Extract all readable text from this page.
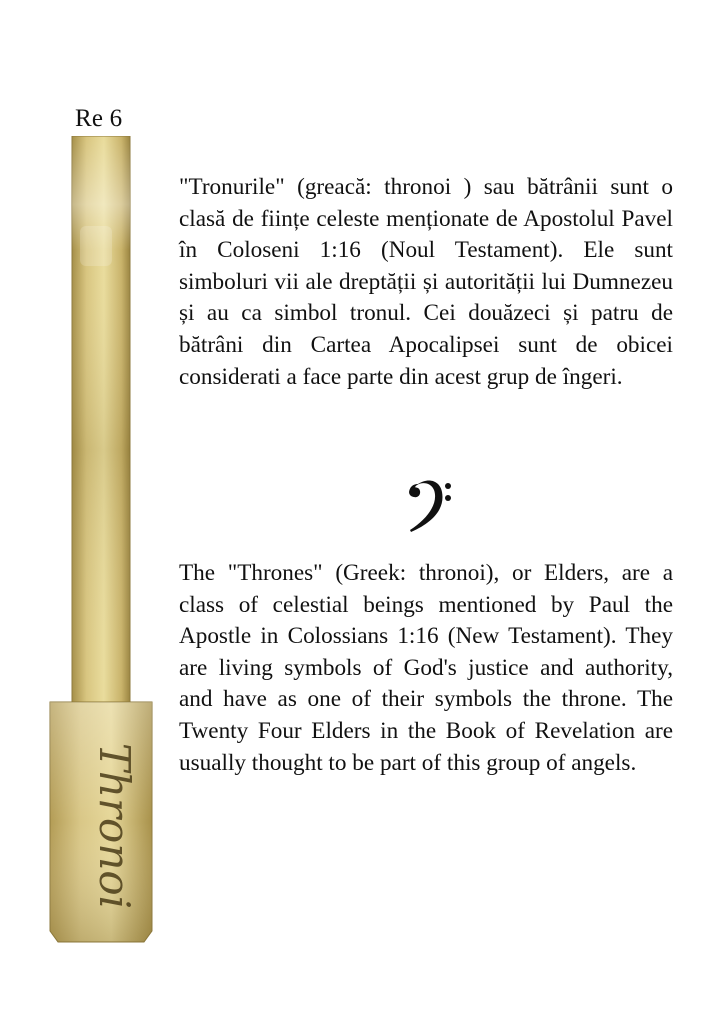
Re 6
Thronoi
"Tronurile" (greacă: thronoi ) sau bătrânii sunt o clasă de ființe celeste menționate de Apostolul Pavel în Coloseni 1:16 (Noul Testament). Ele sunt simboluri vii ale dreptății și autorității lui Dumnezeu și au ca simbol tronul. Cei douăzeci și patru de bătrâni din Cartea Apocalipsei sunt de obicei considerati a face parte din acest grup de îngeri.
The "Thrones" (Greek: thronoi), or Elders, are a class of celestial beings mentioned by Paul the Apostle in Colossians 1:16 (New Testament). They are living symbols of God's justice and authority, and have as one of their symbols the throne. The Twenty Four Elders in the Book of Revelation are usually thought to be part of this group of angels.
